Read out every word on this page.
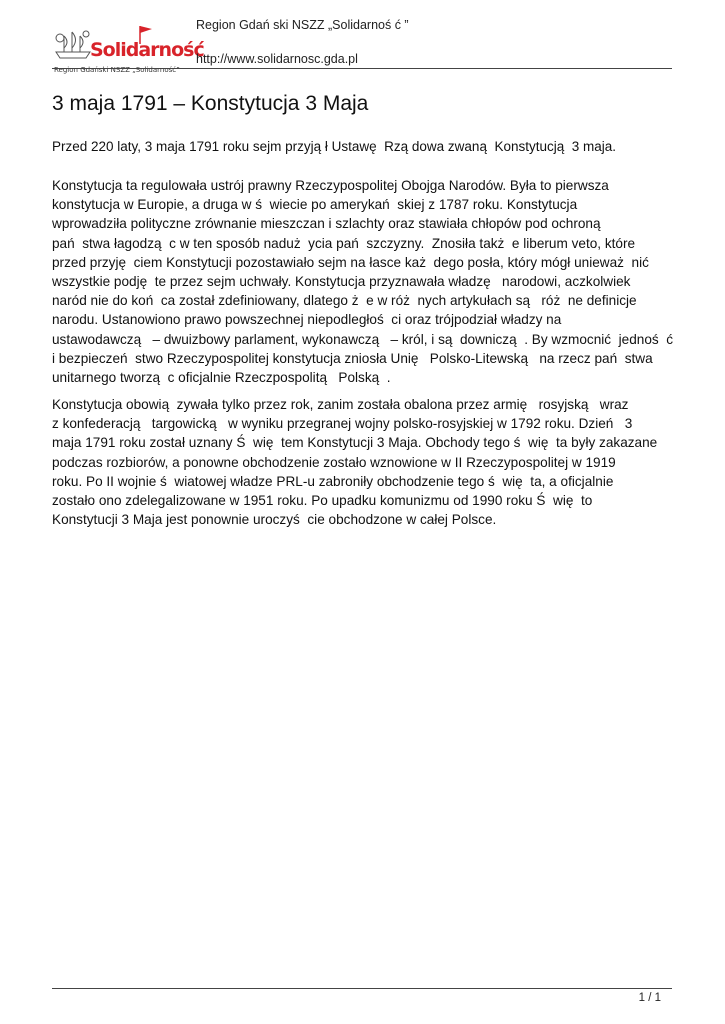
Solidarność
Region Gdański NSZZ „Solidarność”
Region Gdań ski NSZZ „Solidarnoś ć ”
http://www.solidarnosc.gda.pl
3 maja 1791 – Konstytucja 3 Maja

Przed 220 laty, 3 maja 1791 roku sejm przyją ł Ustawę  Rzą dowa zwaną  Konstytucją  3 maja.

Konstytucja ta regulowała ustrój prawny Rzeczypospolitej Obojga Narodów. Była to pierwsza
konstytucja w Europie, a druga w ś  wiecie po amerykań  skiej z 1787 roku. Konstytucja
wprowadziła polityczne zrównanie mieszczan i szlachty oraz stawiała chłopów pod ochroną
pań  stwa łagodzą  c w ten sposób naduż  ycia pań  szczyzny.  Znosiła takż  e liberum veto, które
przed przyję  ciem Konstytucji pozostawiało sejm na łasce każ  dego posła, który mógł unieważ  nić
wszystkie podję  te przez sejm uchwały. Konstytucja przyznawała władzę   narodowi, aczkolwiek
naród nie do koń  ca został zdefiniowany, dlatego ż  e w róż  nych artykułach są   róż  ne definicje
narodu. Ustanowiono prawo powszechnej niepodległoś  ci oraz trójpodział władzy na
ustawodawczą   – dwuizbowy parlament, wykonawczą   – król, i są  downiczą  . By wzmocnić  jednoś  ć
i bezpieczeń  stwo Rzeczypospolitej konstytucja zniosła Unię   Polsko-Litewską   na rzecz pań  stwa
unitarnego tworzą  c oficjalnie Rzeczpospolitą   Polską  .
Konstytucja obowią  zywała tylko przez rok, zanim została obalona przez armię   rosyjską   wraz
z konfederacją   targowicką   w wyniku przegranej wojny polsko-rosyjskiej w 1792 roku. Dzień   3
maja 1791 roku został uznany Ś  wię  tem Konstytucji 3 Maja. Obchody tego ś  wię  ta były zakazane
podczas rozbiorów, a ponowne obchodzenie zostało wznowione w II Rzeczypospolitej w 1919
roku. Po II wojnie ś  wiatowej władze PRL-u zabroniły obchodzenie tego ś  wię  ta, a oficjalnie
zostało ono zdelegalizowane w 1951 roku. Po upadku komunizmu od 1990 roku Ś  wię  to
Konstytucji 3 Maja jest ponownie uroczyś  cie obchodzone w całej Polsce.
1 / 1
